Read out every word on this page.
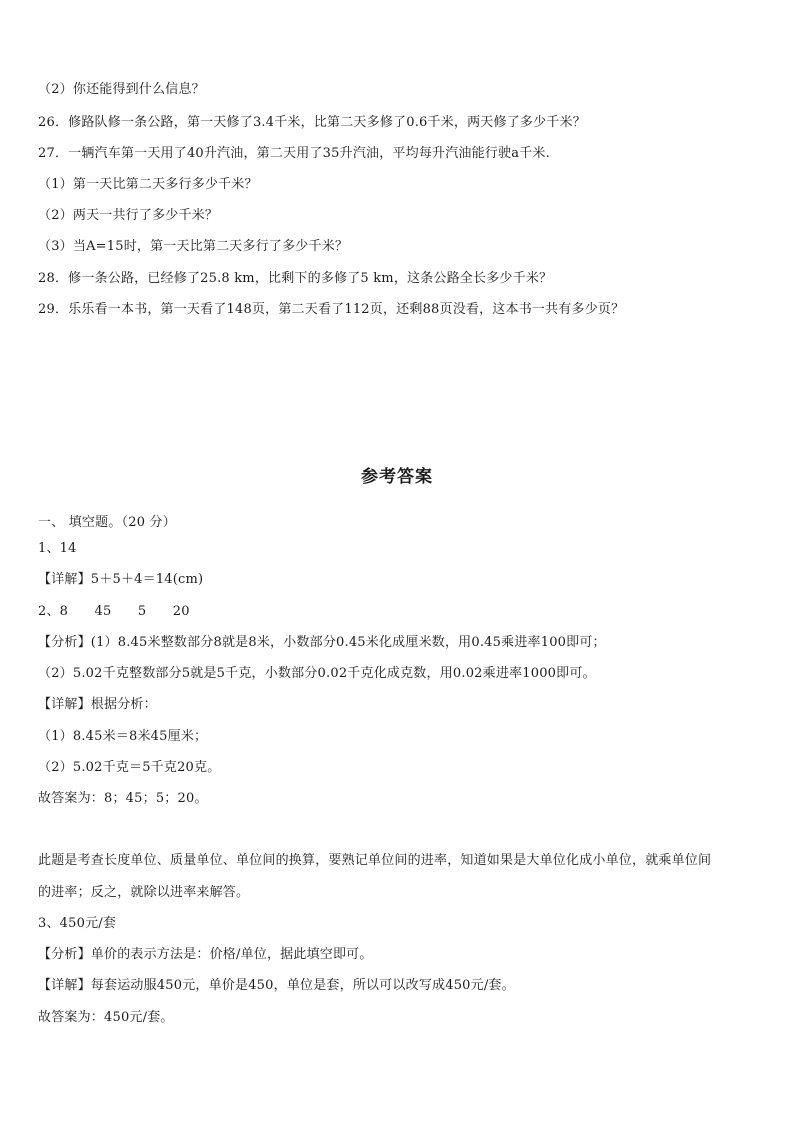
（2）你还能得到什么信息？
26．修路队修一条公路，第一天修了3.4千米，比第二天多修了0.6千米，两天修了多少千米？
27．一辆汽车第一天用了40升汽油，第二天用了35升汽油，平均每升汽油能行驶a千米.
（1）第一天比第二天多行多少千米？
（2）两天一共行了多少千米？
（3）当A=15时，第一天比第二天多行了多少千米？
28．修一条公路，已经修了25.8 km，比剩下的多修了5 km，这条公路全长多少千米？
29．乐乐看一本书，第一天看了148页，第二天看了112页，还剩88页没看，这本书一共有多少页？
参考答案
一、 填空题。（20 分）
1、14
【详解】5＋5＋4＝14(cm)
2、8　　45　　5　　20
【分析】(1）8.45米整数部分8就是8米，小数部分0.45米化成厘米数，用0.45乘进率100即可；
（2）5.02千克整数部分5就是5千克，小数部分0.02千克化成克数，用0.02乘进率1000即可。
【详解】根据分析：
（1）8.45米＝8米45厘米；
（2）5.02千克＝5千克20克。
故答案为：8；45；5；20。
此题是考查长度单位、质量单位、单位间的换算，要熟记单位间的进率，知道如果是大单位化成小单位，就乘单位间
的进率；反之，就除以进率来解答。
3、450元/套
【分析】单价的表示方法是：价格/单位，据此填空即可。
【详解】每套运动服450元，单价是450，单位是套，所以可以改写成450元/套。
故答案为：450元/套。
